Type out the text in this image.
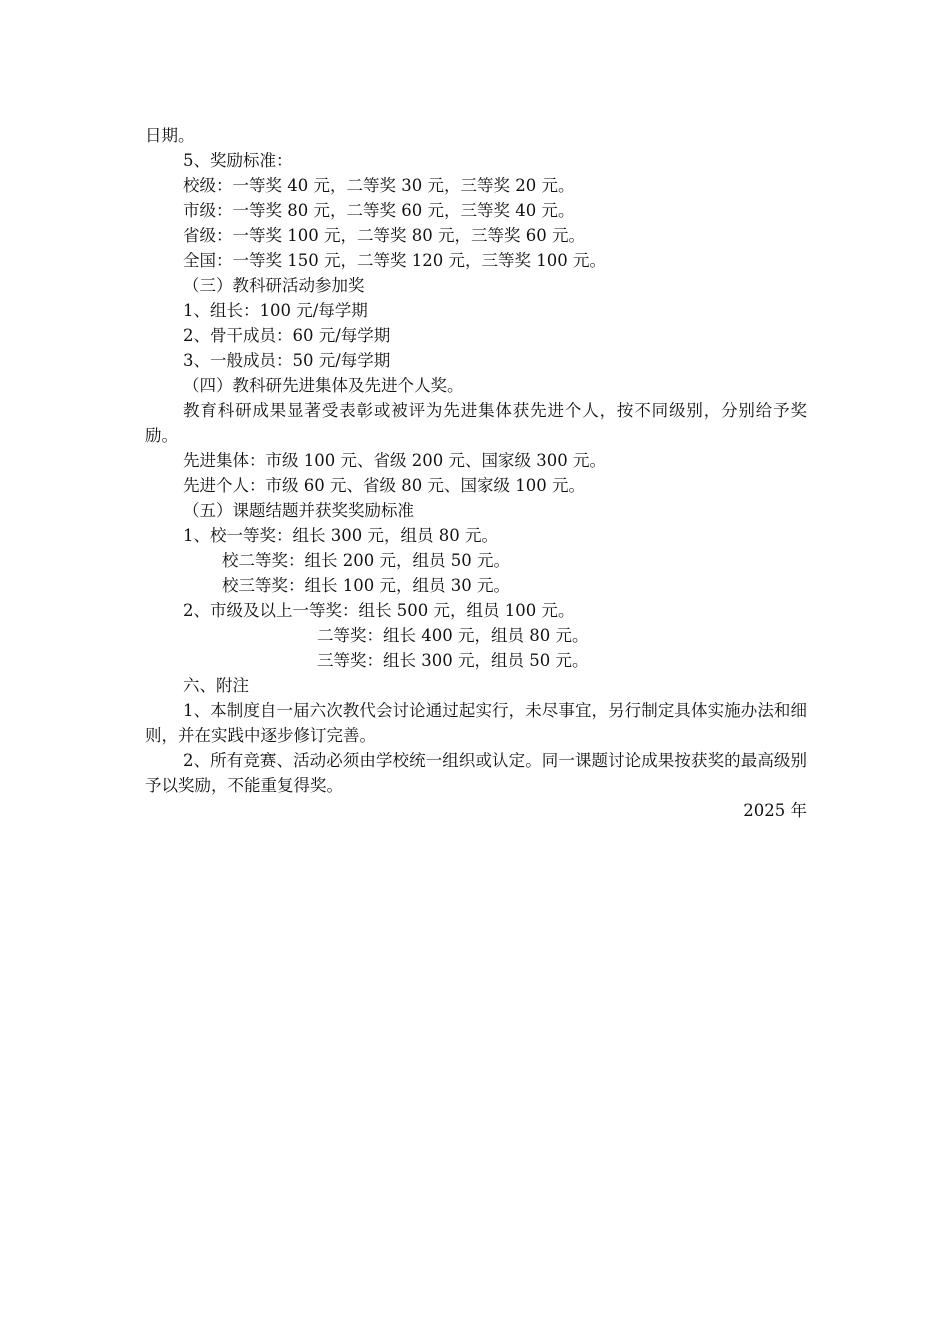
日期。
5、奖励标准：
校级：一等奖 40 元，二等奖 30 元，三等奖 20 元。
市级：一等奖 80 元，二等奖 60 元，三等奖 40 元。
省级：一等奖 100 元，二等奖 80 元，三等奖 60 元。
全国：一等奖 150 元，二等奖 120 元，三等奖 100 元。
（三）教科研活动参加奖
1、组长：100 元/每学期
2、骨干成员：60 元/每学期
3、一般成员：50 元/每学期
（四）教科研先进集体及先进个人奖。
教育科研成果显著受表彰或被评为先进集体获先进个人，按不同级别，分别给予奖励。
先进集体：市级 100 元、省级 200 元、国家级 300 元。
先进个人：市级 60 元、省级 80 元、国家级 100 元。
（五）课题结题并获奖奖励标准
1、校一等奖：组长 300 元，组员 80 元。
校二等奖：组长 200 元，组员 50 元。
校三等奖：组长 100 元，组员 30 元。
2、市级及以上一等奖：组长 500 元，组员 100 元。
二等奖：组长 400 元，组员 80 元。
三等奖：组长 300 元，组员 50 元。
六、附注
1、本制度自一届六次教代会讨论通过起实行，未尽事宜，另行制定具体实施办法和细则，并在实践中逐步修订完善。
2、所有竞赛、活动必须由学校统一组织或认定。同一课题讨论成果按获奖的最高级别予以奖励，不能重复得奖。
2025 年
